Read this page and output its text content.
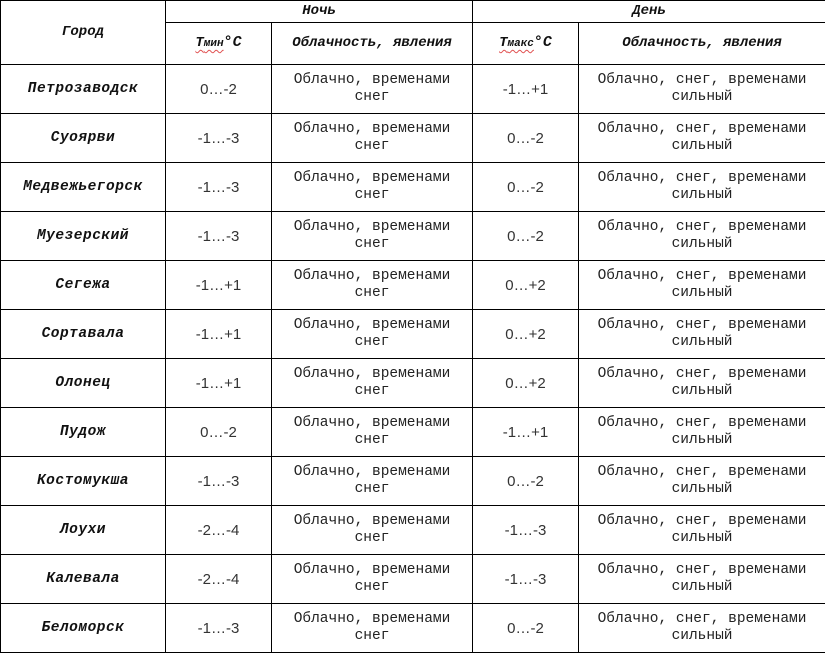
Город	Ночь		День	
	Tмин°C	Облачность, явления	Tмакс°C	Облачность, явления
Петрозаводск	0…-2	Облачно, временами снег	-1…+1	Облачно, снег, временами сильный
Суоярви	-1…-3	Облачно, временами снег	0…-2	Облачно, снег, временами сильный
Медвежьегорск	-1…-3	Облачно, временами снег	0…-2	Облачно, снег, временами сильный
Муезерский	-1…-3	Облачно, временами снег	0…-2	Облачно, снег, временами сильный
Сегежа	-1…+1	Облачно, временами снег	0…+2	Облачно, снег, временами сильный
Сортавала	-1…+1	Облачно, временами снег	0…+2	Облачно, снег, временами сильный
Олонец	-1…+1	Облачно, временами снег	0…+2	Облачно, снег, временами сильный
Пудож	0…-2	Облачно, временами снег	-1…+1	Облачно, снег, временами сильный
Костомукша	-1…-3	Облачно, временами снег	0…-2	Облачно, снег, временами сильный
Лоухи	-2…-4	Облачно, временами снег	-1…-3	Облачно, снег, временами сильный
Калевала	-2…-4	Облачно, временами снег	-1…-3	Облачно, снег, временами сильный
Беломорск	-1…-3	Облачно, временами снег	0…-2	Облачно, снег, временами сильный
